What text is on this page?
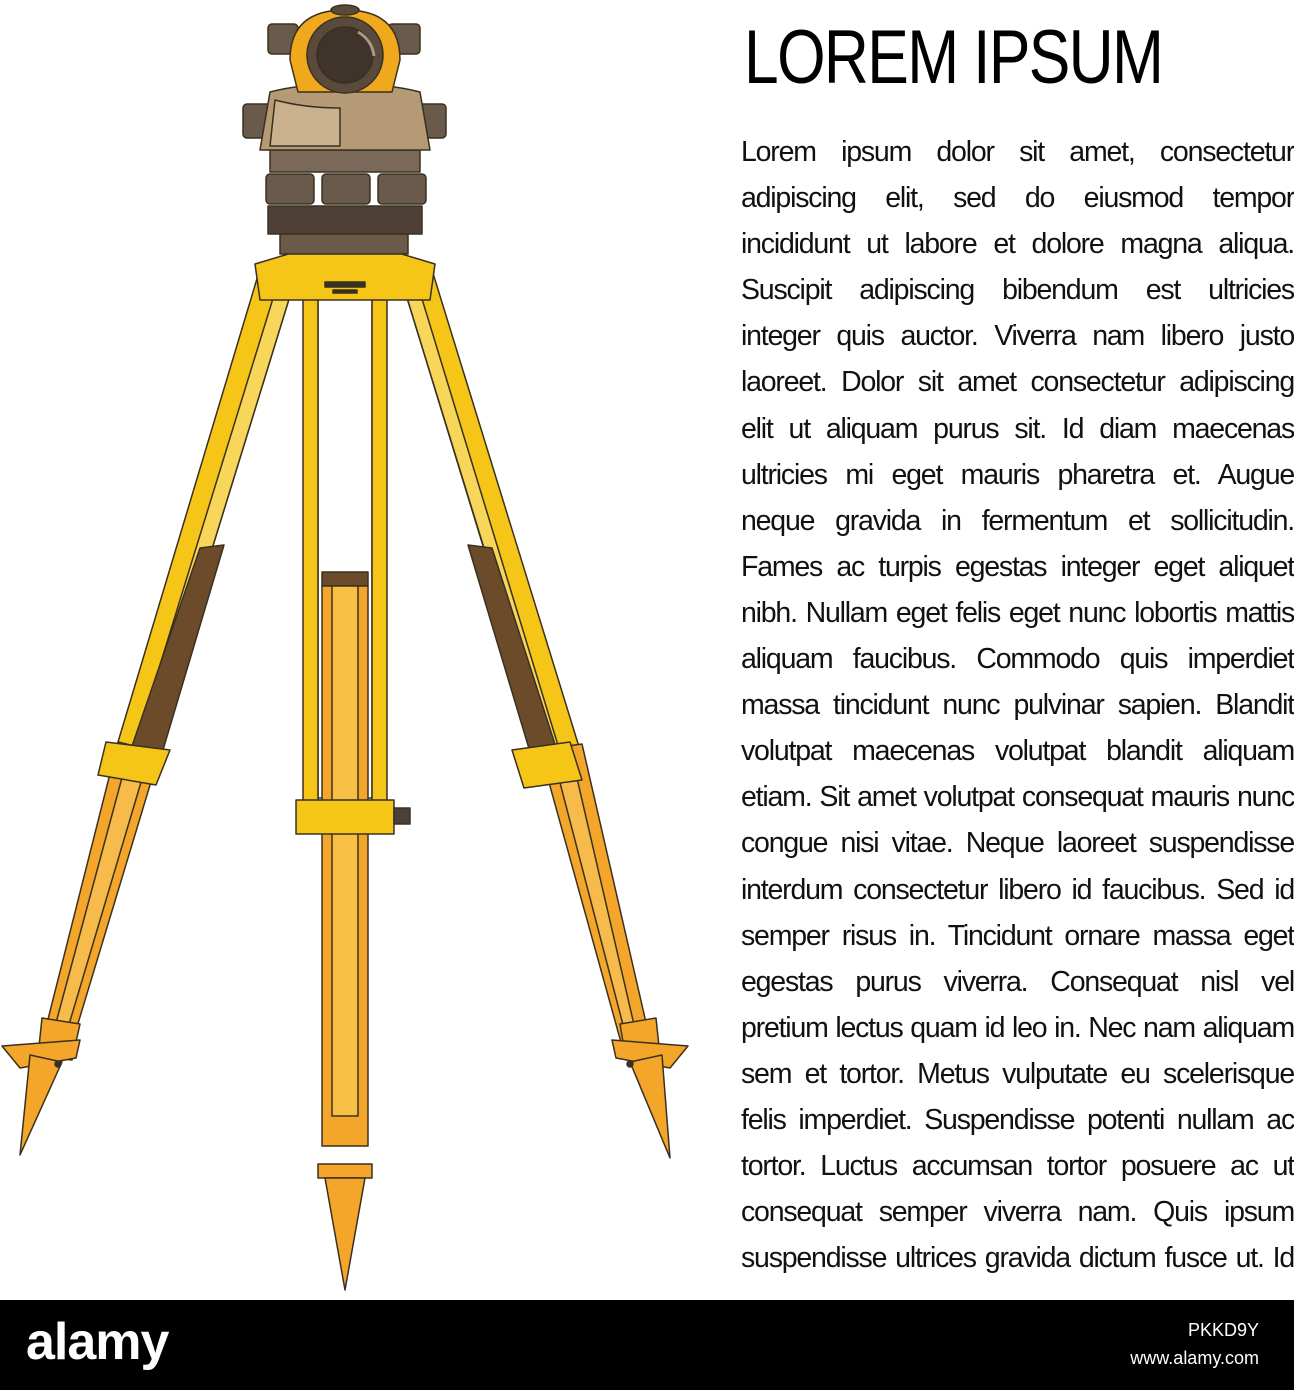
LOREM IPSUM
Lorem ipsum dolor sit amet, consectetur
adipiscing elit, sed do eiusmod tempor
incididunt ut labore et dolore magna aliqua.
Suscipit adipiscing bibendum est ultricies
integer quis auctor. Viverra nam libero justo
laoreet. Dolor sit amet consectetur adipiscing
elit ut aliquam purus sit. Id diam maecenas
ultricies mi eget mauris pharetra et. Augue
neque gravida in fermentum et sollicitudin.
Fames ac turpis egestas integer eget aliquet
nibh. Nullam eget felis eget nunc lobortis mattis
aliquam faucibus. Commodo quis imperdiet
massa tincidunt nunc pulvinar sapien. Blandit
volutpat maecenas volutpat blandit aliquam
etiam. Sit amet volutpat consequat mauris nunc
congue nisi vitae. Neque laoreet suspendisse
interdum consectetur libero id faucibus. Sed id
semper risus in. Tincidunt ornare massa eget
egestas purus viverra. Consequat nisl vel
pretium lectus quam id leo in. Nec nam aliquam
sem et tortor. Metus vulputate eu scelerisque
felis imperdiet. Suspendisse potenti nullam ac
tortor. Luctus accumsan tortor posuere ac ut
consequat semper viverra nam. Quis ipsum
suspendisse ultrices gravida dictum fusce ut. Id
alamy	PKKD9Y
www.alamy.com
